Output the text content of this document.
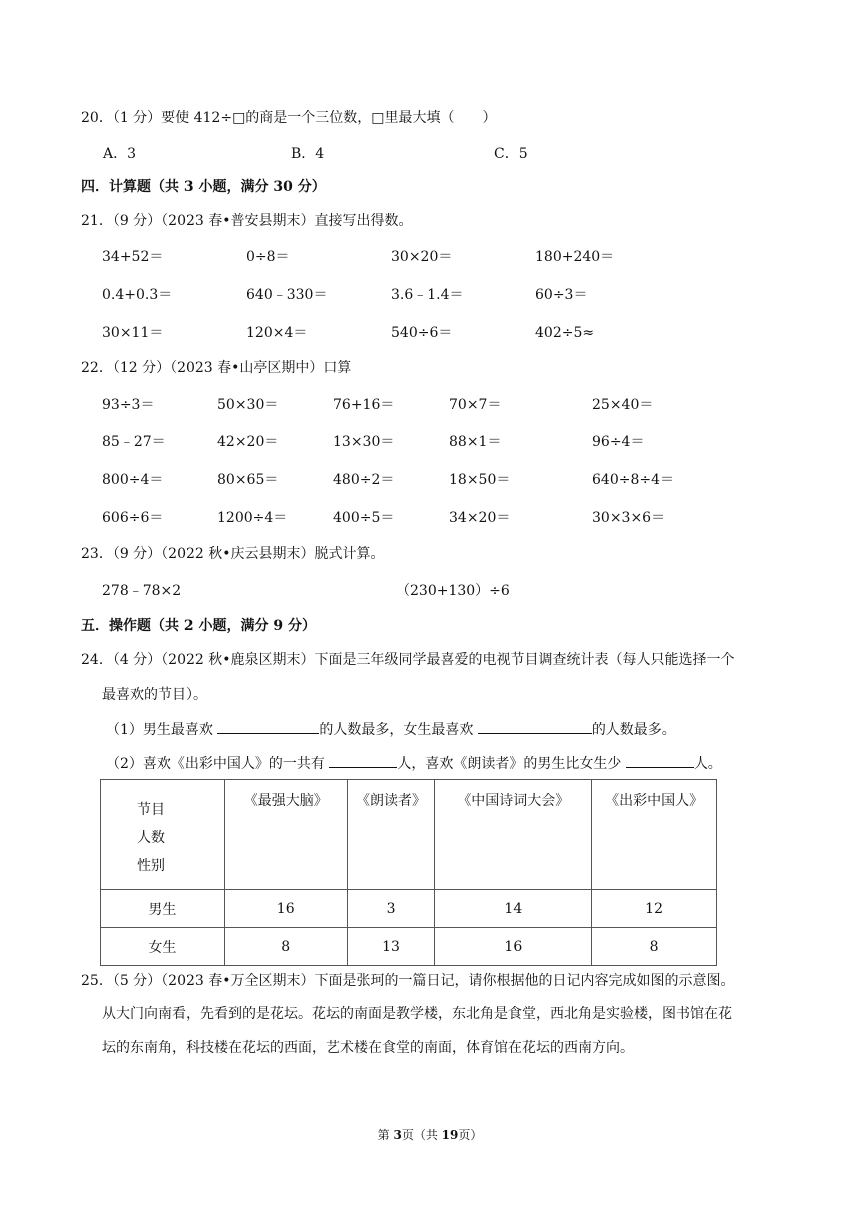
20．（1 分）要使 412÷□的商是一个三位数，□里最大填（　　）
A．3	B．4	C．5
四．计算题（共 3 小题，满分 30 分）
21．（9 分）（2023 春•普安县期末）直接写出得数。
34+52＝	0÷8＝	30×20＝	180+240＝
0.4+0.3＝	640﹣330＝	3.6﹣1.4＝	60÷3＝
30×11＝	120×4＝	540÷6＝	402÷5≈
22．（12 分）（2023 春•山亭区期中）口算
93÷3＝	50×30＝	76+16＝	70×7＝	25×40＝
85﹣27＝	42×20＝	13×30＝	88×1＝	96÷4＝
800÷4＝	80×65＝	480÷2＝	18×50＝	640÷8÷4＝
606÷6＝	1200÷4＝	400÷5＝	34×20＝	30×3×6＝
23．（9 分）（2022 秋•庆云县期末）脱式计算。
278﹣78×2	（230+130）÷6
五．操作题（共 2 小题，满分 9 分）
24．（4 分）（2022 秋•鹿泉区期末）下面是三年级同学最喜爱的电视节目调查统计表（每人只能选择一个
最喜欢的节目）。
（1）男生最喜欢	的人数最多，女生最喜欢	的人数最多。
（2）喜欢《出彩中国人》的一共有	人，喜欢《朗读者》的男生比女生少	人。
节目
人数
性别	《最强大脑》	《朗读者》	《中国诗词大会》	《出彩中国人》
男生	16	3	14	12
女生	8	13	16	8
25．（5 分）（2023 春•万全区期末）下面是张珂的一篇日记，请你根据他的日记内容完成如图的示意图。
从大门向南看，先看到的是花坛。花坛的南面是教学楼，东北角是食堂，西北角是实验楼，图书馆在花
坛的东南角，科技楼在花坛的西面，艺术楼在食堂的南面，体育馆在花坛的西南方向。
第 3页（共 19页）
